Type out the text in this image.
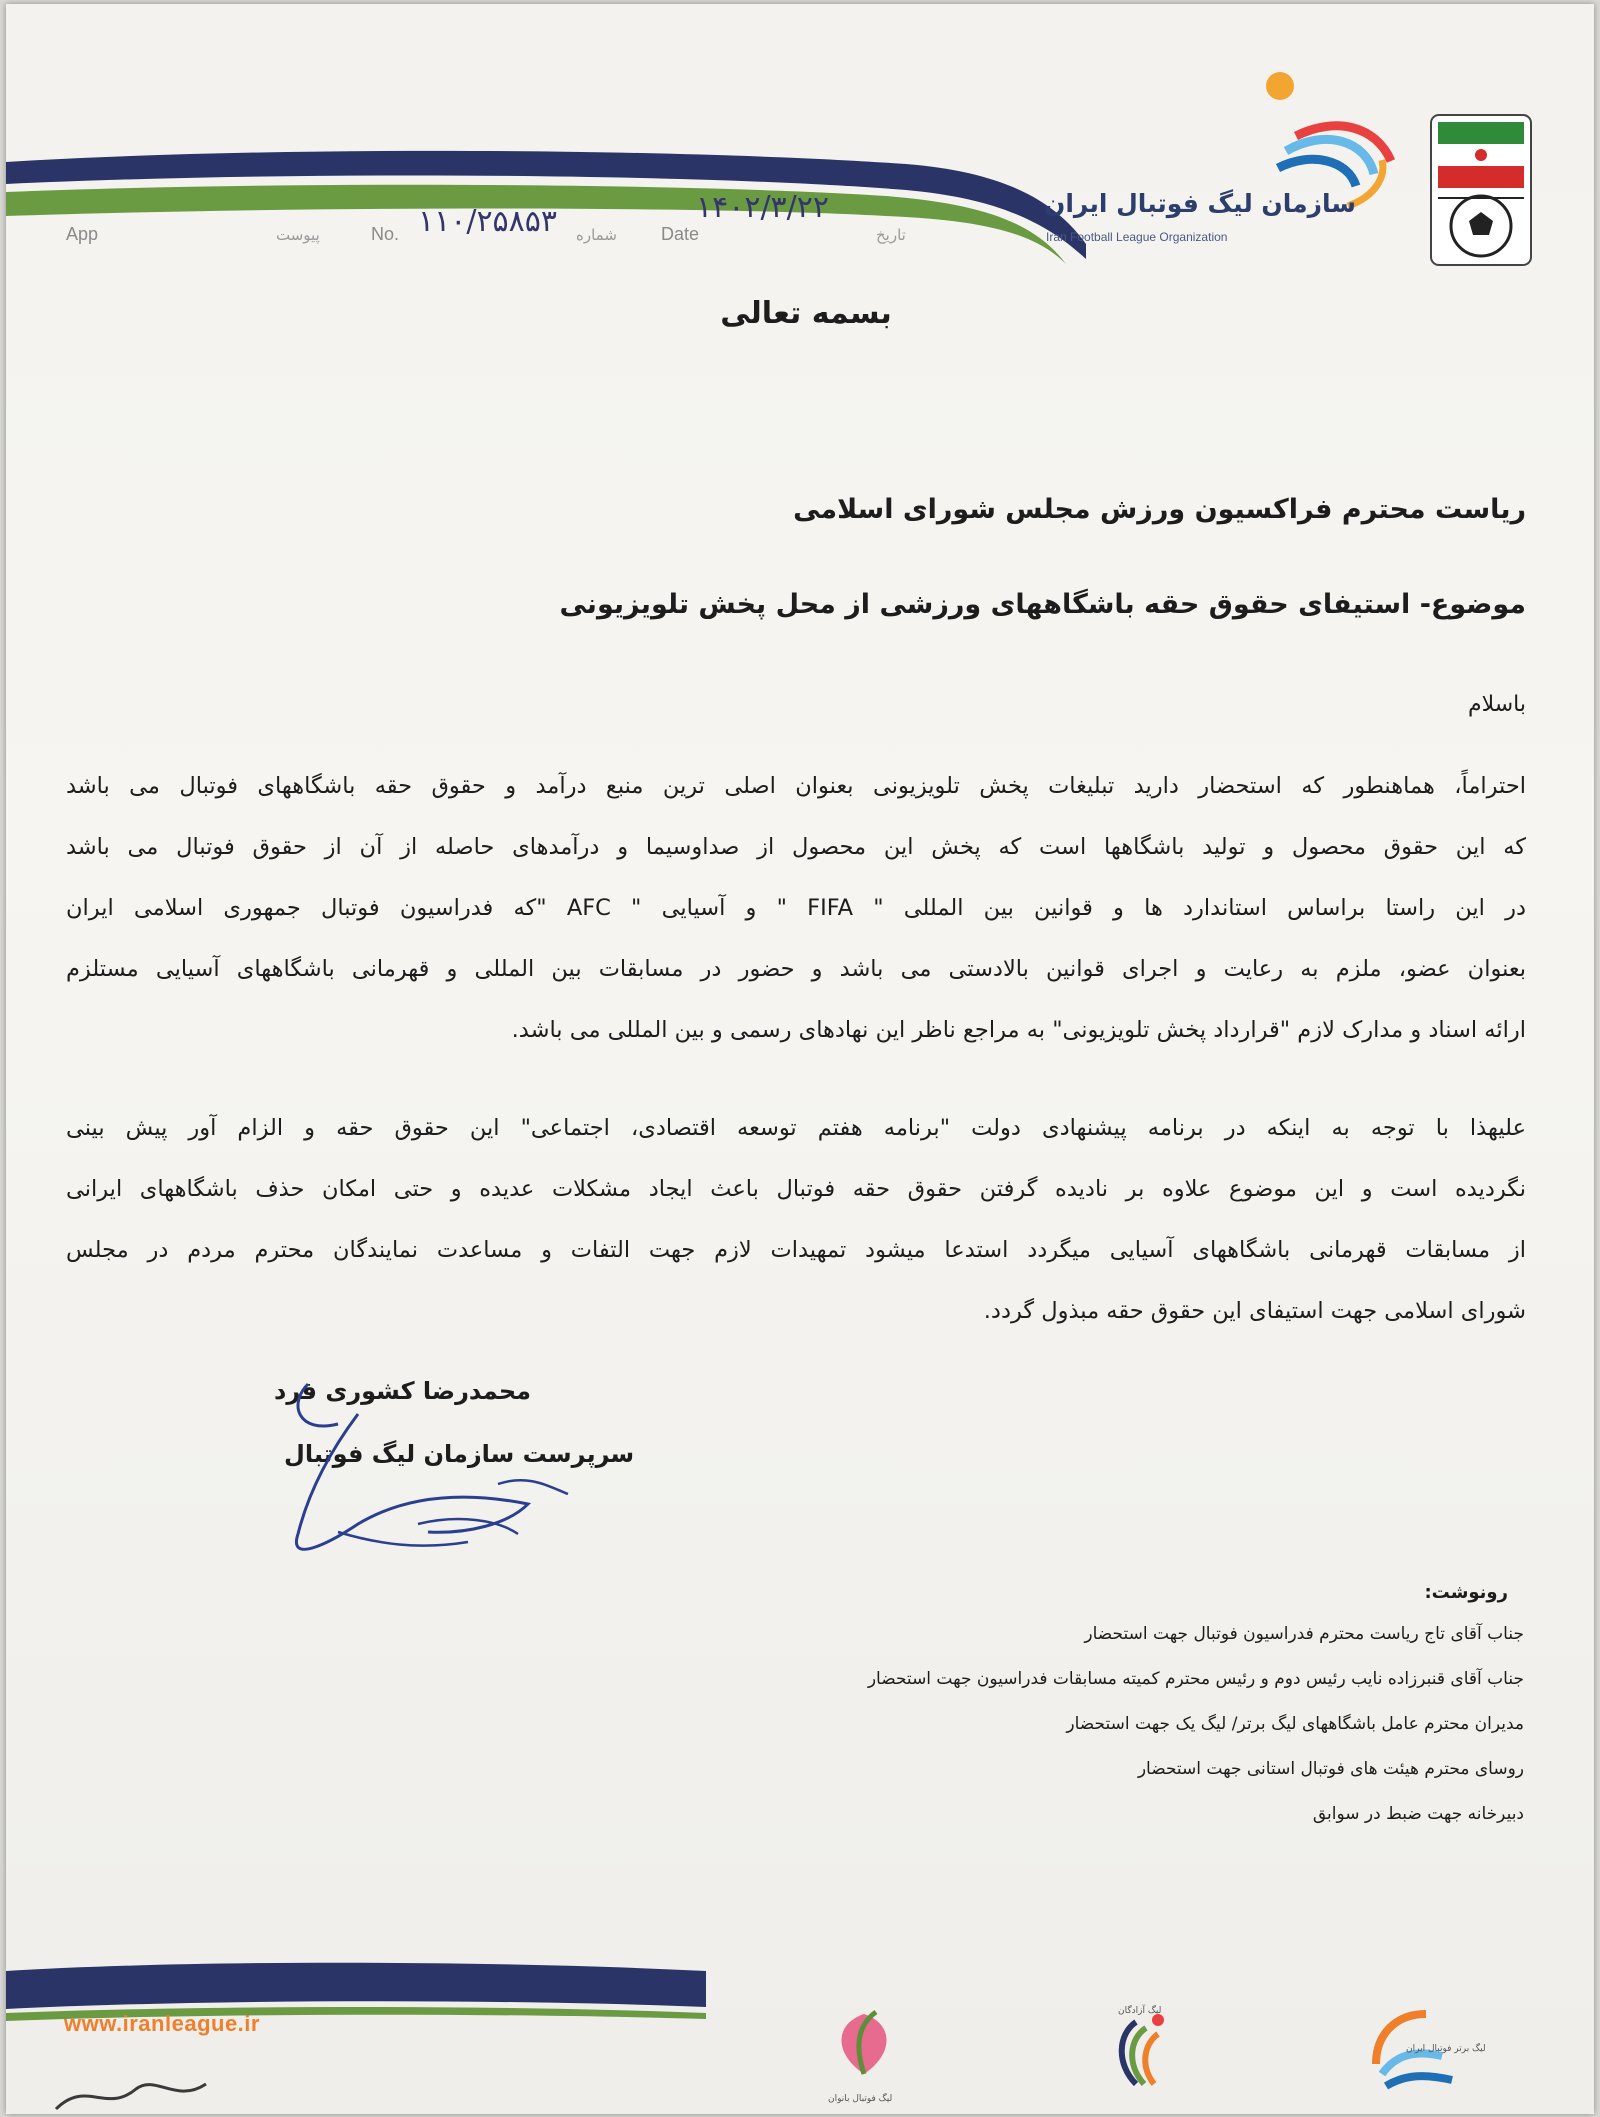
App	پیوست	No. ۱۱۰/۲۵۸۵۳ شماره Date
۱۴۰۲/۳/۲۲
تاریخ
سازمان لیگ فوتبال ایران
Iran Football League Organization
بسمه تعالی
ریاست محترم فراکسیون ورزش مجلس شورای اسلامی
موضوع- استیفای حقوق حقه باشگاههای ورزشی از محل پخش تلویزیونی
باسلام
احتراماً، هماهنطور که استحضار دارید تبلیغات پخش تلویزیونی بعنوان اصلی ترین منبع درآمد و حقوق حقه باشگاههای فوتبال می باشد
که این حقوق محصول و تولید باشگاهها است که پخش این محصول از صداوسیما و درآمدهای حاصله از آن از حقوق فوتبال می باشد
در این راستا براساس استاندارد ها و قوانین بین المللی " FIFA " و آسیایی " AFC "که فدراسیون فوتبال جمهوری اسلامی ایران
بعنوان عضو، ملزم به رعایت و اجرای قوانین بالادستی می باشد و حضور در مسابقات بین المللی و قهرمانی باشگاههای آسیایی مستلزم
ارائه اسناد و مدارک لازم "قرارداد پخش تلویزیونی" به مراجع ناظر این نهادهای رسمی و بین المللی می باشد.
علیهذا با توجه به اینکه در برنامه پیشنهادی دولت "برنامه هفتم توسعه اقتصادی، اجتماعی" این حقوق حقه و الزام آور پیش بینی
نگردیده است و این موضوع علاوه بر نادیده گرفتن حقوق حقه فوتبال باعث ایجاد مشکلات عدیده و حتی امکان حذف باشگاههای ایرانی
از مسابقات قهرمانی باشگاههای آسیایی میگردد استدعا میشود تمهیدات لازم جهت التفات و مساعدت نمایندگان محترم مردم در مجلس
شورای اسلامی جهت استیفای این حقوق حقه مبذول گردد.
محمدرضا کشوری فرد
سرپرست سازمان لیگ فوتبال
رونوشت:
جناب آقای تاج ریاست محترم فدراسیون فوتبال جهت استحضار
جناب آقای قنبرزاده نایب رئیس دوم و رئیس محترم کمیته مسابقات فدراسیون جهت استحضار
مدیران محترم عامل باشگاههای لیگ برتر/ لیگ یک جهت استحضار
روسای محترم هیئت های فوتبال استانی جهت استحضار
دبیرخانه جهت ضبط در سوابق
www.iranleague.ir
لیگ فوتبال بانوان
لیگ آزادگان
لیگ برتر فوتبال ایران
